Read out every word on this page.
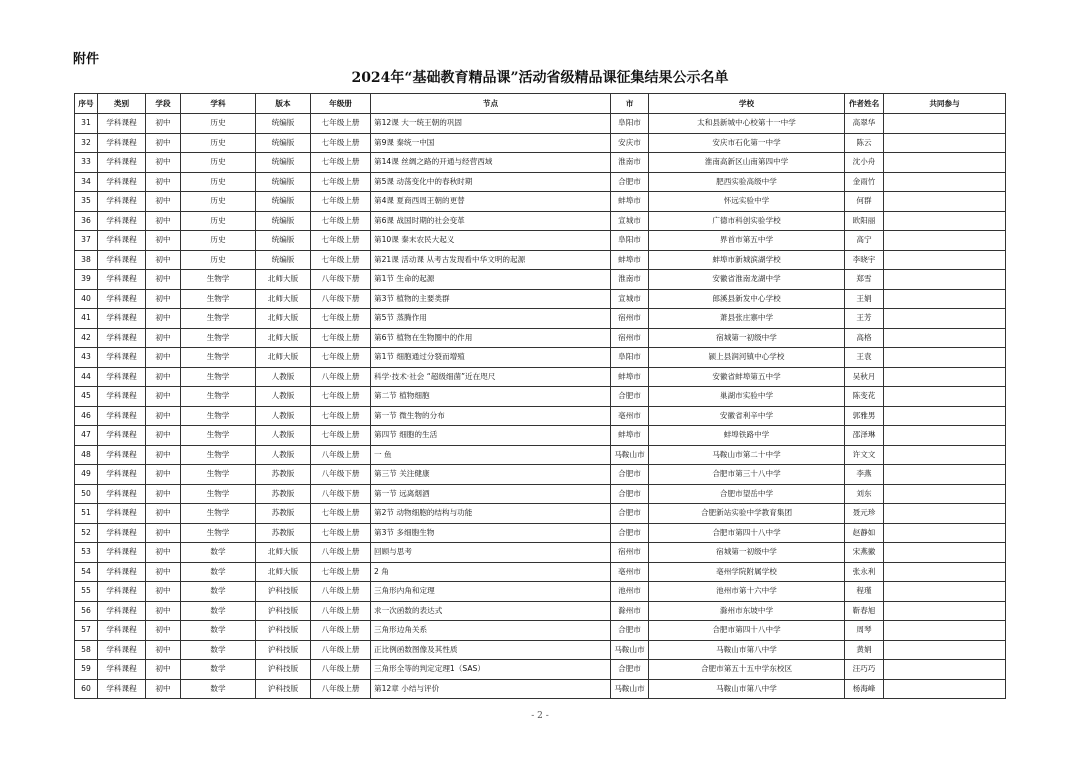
附件
2024年“基础教育精品课”活动省级精品课征集结果公示名单
序号	类别	学段	学科	版本	年级册	节点	市	学校	作者姓名	共同参与
31	学科课程	初中	历史	统编版	七年级上册	第12课 大一统王朝的巩固	阜阳市	太和县新城中心校第十一中学	高翠华	
32	学科课程	初中	历史	统编版	七年级上册	第9课 秦统一中国	安庆市	安庆市石化第一中学	陈云	
33	学科课程	初中	历史	统编版	七年级上册	第14课 丝绸之路的开通与经营西域	淮南市	淮南高新区山南第四中学	沈小舟	
34	学科课程	初中	历史	统编版	七年级上册	第5课 动荡变化中的春秋时期	合肥市	肥西实验高级中学	金雨竹	
35	学科课程	初中	历史	统编版	七年级上册	第4课 夏商西周王朝的更替	蚌埠市	怀远实验中学	何群	
36	学科课程	初中	历史	统编版	七年级上册	第6课 战国时期的社会变革	宣城市	广德市科创实验学校	欧阳丽	
37	学科课程	初中	历史	统编版	七年级上册	第10课 秦末农民大起义	阜阳市	界首市第五中学	高宁	
38	学科课程	初中	历史	统编版	七年级上册	第21课 活动课 从考古发现看中华文明的起源	蚌埠市	蚌埠市新城滨湖学校	李晓宇	
39	学科课程	初中	生物学	北师大版	八年级下册	第1节 生命的起源	淮南市	安徽省淮南龙湖中学	郑雪	
40	学科课程	初中	生物学	北师大版	八年级下册	第3节 植物的主要类群	宣城市	郎溪县新发中心学校	王娟	
41	学科课程	初中	生物学	北师大版	七年级上册	第5节 蒸腾作用	宿州市	萧县张庄寨中学	王芳	
42	学科课程	初中	生物学	北师大版	七年级上册	第6节 植物在生物圈中的作用	宿州市	宿城第一初级中学	高格	
43	学科课程	初中	生物学	北师大版	七年级上册	第1节 细胞通过分裂而增殖	阜阳市	颍上县润河镇中心学校	王袁	
44	学科课程	初中	生物学	人教版	八年级上册	科学·技术·社会 “超级细菌”近在咫尺	蚌埠市	安徽省蚌埠第五中学	吴秋月	
45	学科课程	初中	生物学	人教版	七年级上册	第二节 植物细胞	合肥市	巢湖市实验中学	陈变花	
46	学科课程	初中	生物学	人教版	七年级上册	第一节 微生物的分布	亳州市	安徽省利辛中学	郭雅男	
47	学科课程	初中	生物学	人教版	七年级上册	第四节 细胞的生活	蚌埠市	蚌埠铁路中学	邵泽琳	
48	学科课程	初中	生物学	人教版	八年级上册	一 鱼	马鞍山市	马鞍山市第二十中学	许文文	
49	学科课程	初中	生物学	苏教版	八年级下册	第三节 关注健康	合肥市	合肥市第三十八中学	李燕	
50	学科课程	初中	生物学	苏教版	八年级下册	第一节 远离烟酒	合肥市	合肥市望岳中学	刘东	
51	学科课程	初中	生物学	苏教版	七年级上册	第2节 动物细胞的结构与功能	合肥市	合肥新站实验中学教育集团	聂元珍	
52	学科课程	初中	生物学	苏教版	七年级上册	第3节 多细胞生物	合肥市	合肥市第四十八中学	赵静如	
53	学科课程	初中	数学	北师大版	八年级上册	回顾与思考	宿州市	宿城第一初级中学	宋燕徽	
54	学科课程	初中	数学	北师大版	七年级上册	2 角	亳州市	亳州学院附属学校	张永利	
55	学科课程	初中	数学	沪科技版	八年级上册	三角形内角和定理	池州市	池州市第十六中学	程瑾	
56	学科课程	初中	数学	沪科技版	八年级上册	求一次函数的表达式	滁州市	滁州市东坡中学	靳春旭	
57	学科课程	初中	数学	沪科技版	八年级上册	三角形边角关系	合肥市	合肥市第四十八中学	周琴	
58	学科课程	初中	数学	沪科技版	八年级上册	正比例函数图像及其性质	马鞍山市	马鞍山市第八中学	黄娟	
59	学科课程	初中	数学	沪科技版	八年级上册	三角形全等的判定定理1（SAS）	合肥市	合肥市第五十五中学东校区	汪巧巧	
60	学科课程	初中	数学	沪科技版	八年级上册	第12章 小结与评价	马鞍山市	马鞍山市第八中学	杨海峰	
- 2 -
